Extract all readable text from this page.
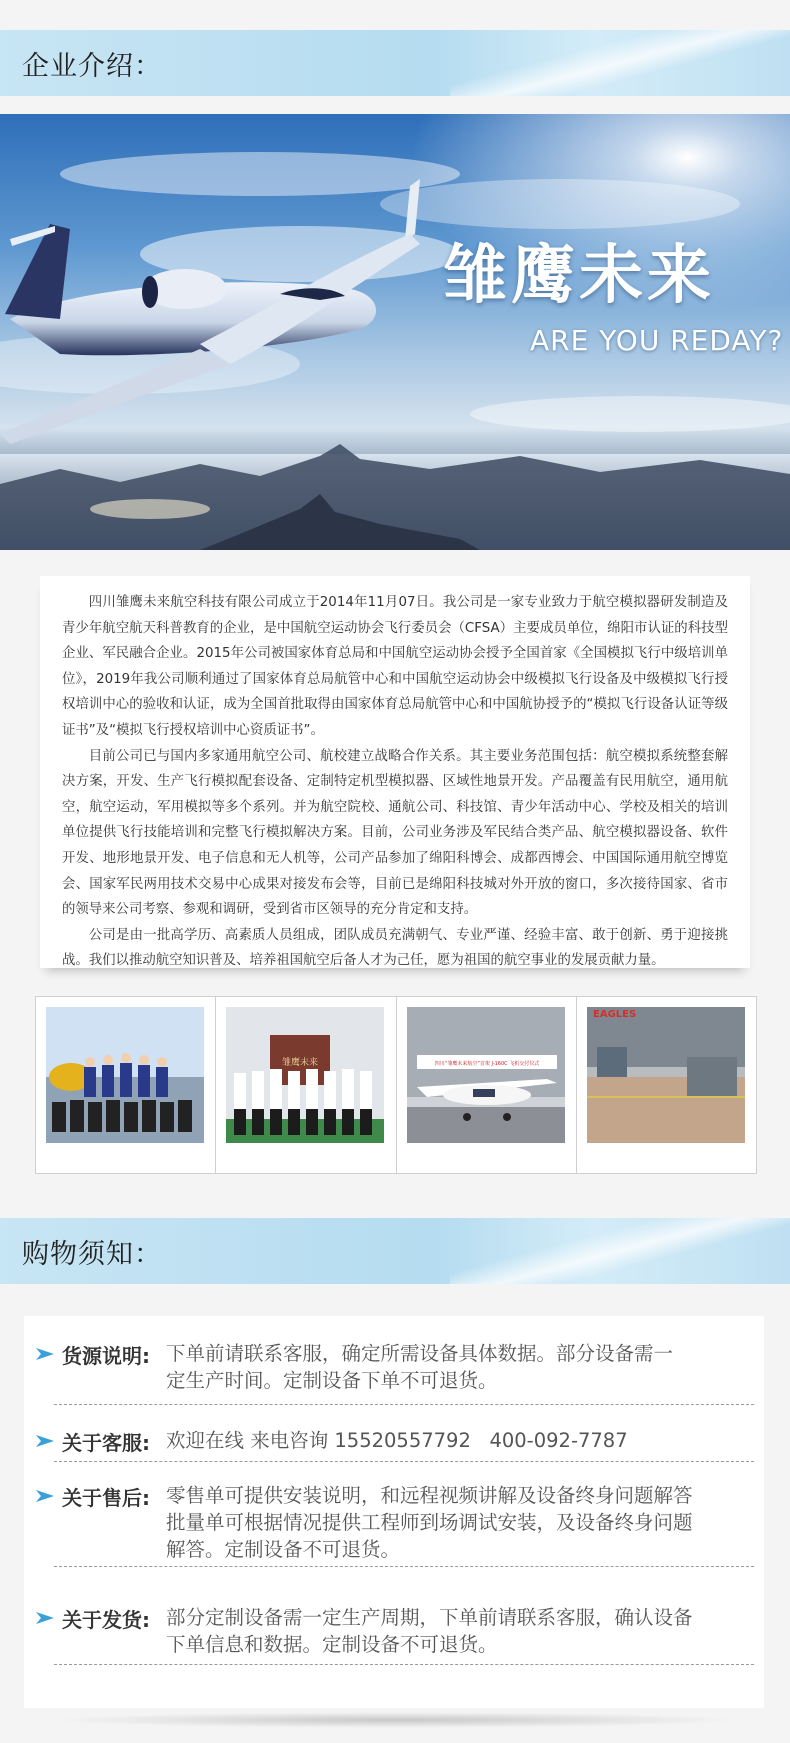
企业介绍：
雏鹰未来
ARE YOU REDAY?

四川雏鹰未来航空科技有限公司成立于2014年11月07日。我公司是一家专业致力于航空模拟器研发制造及青少年航空航天科普教育的企业，是中国航空运动协会飞行委员会（CFSA）主要成员单位，绵阳市认证的科技型企业、军民融合企业。2015年公司被国家体育总局和中国航空运动协会授予全国首家《全国模拟飞行中级培训单位》，2019年我公司顺利通过了国家体育总局航管中心和中国航空运动协会中级模拟飞行设备及中级模拟飞行授权培训中心的验收和认证，成为全国首批取得由国家体育总局航管中心和中国航协授予的“模拟飞行设备认证等级证书”及“模拟飞行授权培训中心资质证书”。

目前公司已与国内多家通用航空公司、航校建立战略合作关系。其主要业务范围包括：航空模拟系统整套解决方案，开发、生产飞行模拟配套设备、定制特定机型模拟器、区域性地景开发。产品覆盖有民用航空，通用航空，航空运动，军用模拟等多个系列。并为航空院校、通航公司、科技馆、青少年活动中心、学校及相关的培训单位提供飞行技能培训和完整飞行模拟解决方案。目前，公司业务涉及军民结合类产品、航空模拟器设备、软件开发、地形地景开发、电子信息和无人机等，公司产品参加了绵阳科博会、成都西博会、中国国际通用航空博览会、国家军民两用技术交易中心成果对接发布会等，目前已是绵阳科技城对外开放的窗口，多次接待国家、省市的领导来公司考察、参观和调研，受到省市区领导的充分肯定和支持。

公司是由一批高学历、高素质人员组成，团队成员充满朝气、专业严谨、经验丰富、敢于创新、勇于迎接挑战。我们以推动航空知识普及、培养祖国航空后备人才为己任，愿为祖国的航空事业的发展贡献力量。

雏鹰未来	四川“雏鹰未来航空”首架 J-160C 飞机交付仪式
EAGLES
购物须知：
货源说明: 下单前请联系客服，确定所需设备具体数据。部分设备需一
定生产时间。定制设备下单不可退货。
关于客服: 欢迎在线 来电咨询 15520557792   400-092-7787
关于售后: 零售单可提供安装说明，和远程视频讲解及设备终身问题解答
批量单可根据情况提供工程师到场调试安装，及设备终身问题
解答。定制设备不可退货。
关于发货: 部分定制设备需一定生产周期，下单前请联系客服，确认设备
下单信息和数据。定制设备不可退货。
